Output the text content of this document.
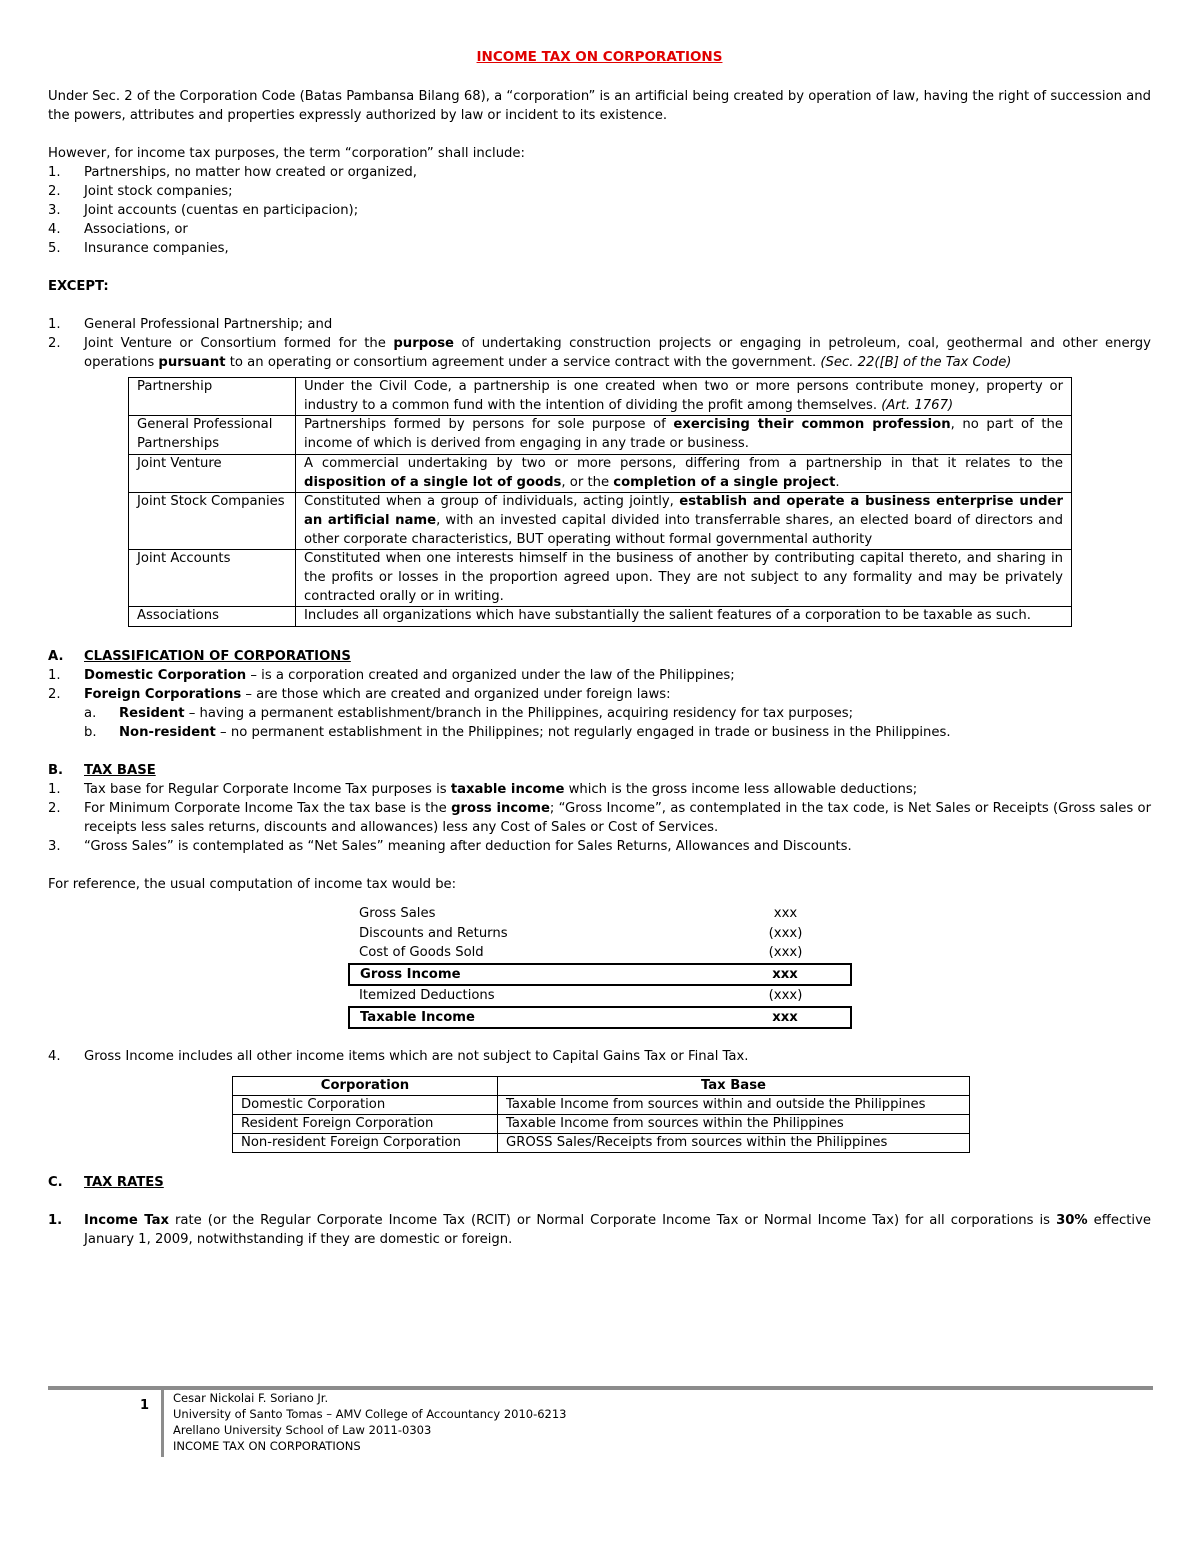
INCOME TAX ON CORPORATIONS

Under Sec. 2 of the Corporation Code (Batas Pambansa Bilang 68), a “corporation” is an artificial being created by operation of law, having the right of succession and the powers, attributes and properties expressly authorized by law or incident to its existence.

However, for income tax purposes, the term “corporation” shall include:

1. Partnerships, no matter how created or organized,
2. Joint stock companies;
3. Joint accounts (cuentas en participacion);
4. Associations, or
5. Insurance companies,

EXCEPT:

1. General Professional Partnership; and
2. Joint Venture or Consortium formed for the purpose of undertaking construction projects or engaging in petroleum, coal, geothermal and other energy operations pursuant to an operating or consortium agreement under a service contract with the government. (Sec. 22([B] of the Tax Code)
Partnership	Under the Civil Code, a partnership is one created when two or more persons contribute money, property or industry to a common fund with the intention of dividing the profit among themselves. (Art. 1767)
General Professional Partnerships	Partnerships formed by persons for sole purpose of exercising their common profession, no part of the income of which is derived from engaging in any trade or business.
Joint Venture	A commercial undertaking by two or more persons, differing from a partnership in that it relates to the disposition of a single lot of goods, or the completion of a single project.
Joint Stock Companies	Constituted when a group of individuals, acting jointly, establish and operate a business enterprise under an artificial name, with an invested capital divided into transferrable shares, an elected board of directors and other corporate characteristics, BUT operating without formal governmental authority
Joint Accounts	Constituted when one interests himself in the business of another by contributing capital thereto, and sharing in the profits or losses in the proportion agreed upon. They are not subject to any formality and may be privately contracted orally or in writing.
Associations	Includes all organizations which have substantially the salient features of a corporation to be taxable as such.

A. CLASSIFICATION OF CORPORATIONS

1. Domestic Corporation – is a corporation created and organized under the law of the Philippines;
2. Foreign Corporations – are those which are created and organized under foreign laws:
a. Resident – having a permanent establishment/branch in the Philippines, acquiring residency for tax purposes;
b. Non-resident – no permanent establishment in the Philippines; not regularly engaged in trade or business in the Philippines.

B. TAX BASE

1. Tax base for Regular Corporate Income Tax purposes is taxable income which is the gross income less allowable deductions;
2. For Minimum Corporate Income Tax the tax base is the gross income; “Gross Income”, as contemplated in the tax code, is Net Sales or Receipts (Gross sales or receipts less sales returns, discounts and allowances) less any Cost of Sales or Cost of Services.
3. “Gross Sales” is contemplated as “Net Sales” meaning after deduction for Sales Returns, Allowances and Discounts.

For reference, the usual computation of income tax would be:

Gross Sales	xxx
Discounts and Returns	(xxx)
Cost of Goods Sold	(xxx)
Gross Income	xxx
Itemized Deductions	(xxx)
Taxable Income	xxx
4. Gross Income includes all other income items which are not subject to Capital Gains Tax or Final Tax.
Corporation	Tax Base
Domestic Corporation	Taxable Income from sources within and outside the Philippines
Resident Foreign Corporation	Taxable Income from sources within the Philippines
Non-resident Foreign Corporation	GROSS Sales/Receipts from sources within the Philippines

C. TAX RATES

1. Income Tax rate (or the Regular Corporate Income Tax (RCIT) or Normal Corporate Income Tax or Normal Income Tax) for all corporations is 30% effective January 1, 2009, notwithstanding if they are domestic or foreign.
1 Cesar Nickolai F. Soriano Jr.
University of Santo Tomas – AMV College of Accountancy 2010-6213
Arellano University School of Law 2011-0303
INCOME TAX ON CORPORATIONS
